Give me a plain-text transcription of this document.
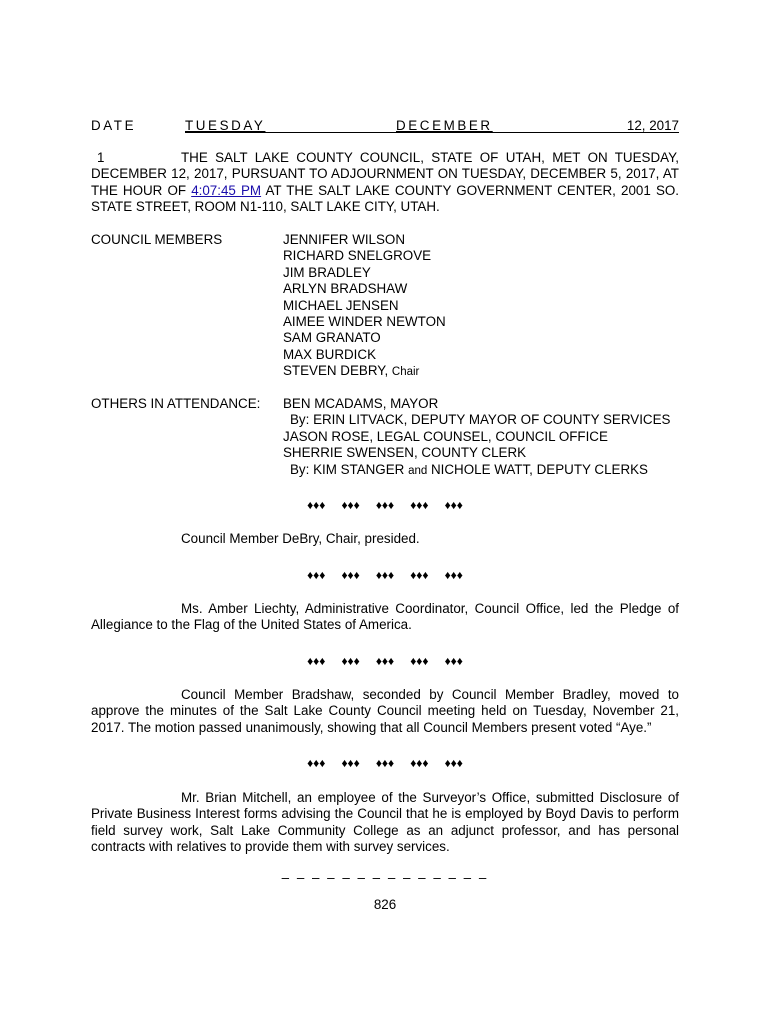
DATE	TUESDAY	DECEMBER	12, 2017

1	THE SALT LAKE COUNTY COUNCIL, STATE OF UTAH, MET ON TUESDAY, DECEMBER 12, 2017, PURSUANT TO ADJOURNMENT ON TUESDAY, DECEMBER 5, 2017, AT THE HOUR OF 4:07:45 PM AT THE SALT LAKE COUNTY GOVERNMENT CENTER, 2001 SO. STATE STREET, ROOM N1-110, SALT LAKE CITY, UTAH.

COUNCIL MEMBERS	JENNIFER WILSON
RICHARD SNELGROVE
JIM BRADLEY
ARLYN BRADSHAW
MICHAEL JENSEN
AIMEE WINDER NEWTON
SAM GRANATO
MAX BURDICK
STEVEN DEBRY, Chair
OTHERS IN ATTENDANCE: BEN MCADAMS, MAYOR
By: ERIN LITVACK, DEPUTY MAYOR OF COUNTY SERVICES
JASON ROSE, LEGAL COUNSEL, COUNCIL OFFICE
SHERRIE SWENSEN, COUNTY CLERK
By: KIM STANGER and NICHOLE WATT, DEPUTY CLERKS
♦♦♦ ♦♦♦ ♦♦♦ ♦♦♦ ♦♦♦

Council Member DeBry, Chair, presided.

♦♦♦ ♦♦♦ ♦♦♦ ♦♦♦ ♦♦♦

Ms. Amber Liechty, Administrative Coordinator, Council Office, led the Pledge of Allegiance to the Flag of the United States of America.

♦♦♦ ♦♦♦ ♦♦♦ ♦♦♦ ♦♦♦

Council Member Bradshaw, seconded by Council Member Bradley, moved to approve the minutes of the Salt Lake County Council meeting held on Tuesday, November 21, 2017. The motion passed unanimously, showing that all Council Members present voted “Aye.”

♦♦♦ ♦♦♦ ♦♦♦ ♦♦♦ ♦♦♦

Mr. Brian Mitchell, an employee of the Surveyor’s Office, submitted Disclosure of Private Business Interest forms advising the Council that he is employed by Boyd Davis to perform field survey work, Salt Lake Community College as an adjunct professor, and has personal contracts with relatives to provide them with survey services.

– – – – – – – – – – – – – –
826
